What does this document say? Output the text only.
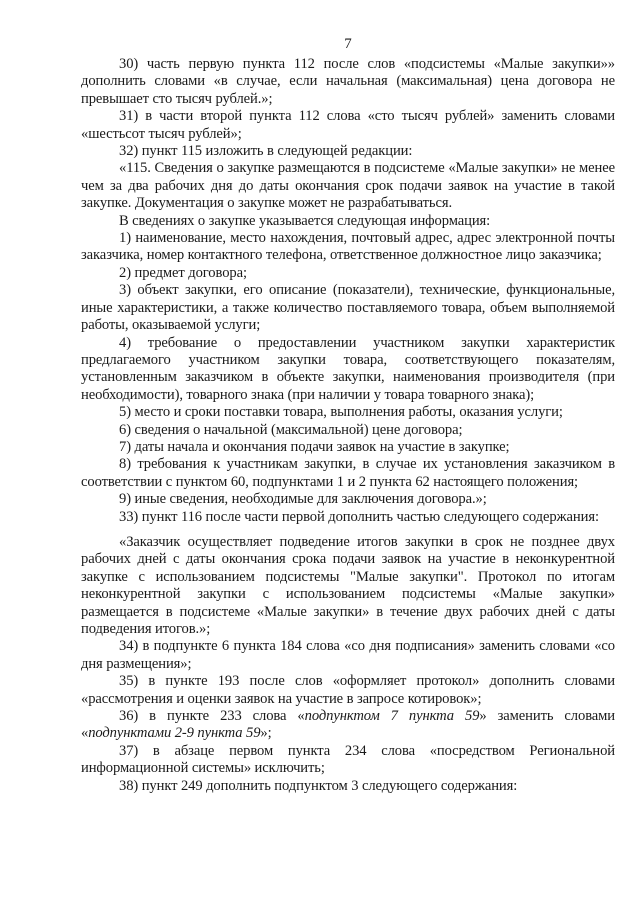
7

30) часть первую пункта 112 после слов «подсистемы «Малые закупки»» дополнить словами «в случае, если начальная (максимальная) цена договора не превышает сто тысяч рублей.»;

31) в части второй пункта 112 слова «сто тысяч рублей» заменить словами «шестьсот тысяч рублей»;

32) пункт 115 изложить в следующей редакции:

«115. Сведения о закупке размещаются в подсистеме «Малые закупки» не менее чем за два рабочих дня до даты окончания срок подачи заявок на участие в такой закупке. Документация о закупке может не разрабатываться.

В сведениях о закупке указывается следующая информация:

1) наименование, место нахождения, почтовый адрес, адрес электронной почты заказчика, номер контактного телефона, ответственное должностное лицо заказчика;

2) предмет договора;

3) объект закупки, его описание (показатели), технические, функциональные, иные характеристики, а также количество поставляемого товара, объем выполняемой работы, оказываемой услуги;

4) требование о предоставлении участником закупки характеристик предлагаемого участником закупки товара, соответствующего показателям, установленным заказчиком в объекте закупки, наименования производителя (при необходимости), товарного знака (при наличии у товара товарного знака);

5) место и сроки поставки товара, выполнения работы, оказания услуги;

6) сведения о начальной (максимальной) цене договора;

7) даты начала и окончания подачи заявок на участие в закупке;

8) требования к участникам закупки, в случае их установления заказчиком в соответствии с пунктом 60, подпунктами 1 и 2 пункта 62 настоящего положения;

9) иные сведения, необходимые для заключения договора.»;

33) пункт 116 после части первой дополнить частью следующего содержания:

«Заказчик осуществляет подведение итогов закупки в срок не позднее двух рабочих дней с даты окончания срока подачи заявок на участие в неконкурентной закупке с использованием подсистемы "Малые закупки". Протокол по итогам неконкурентной закупки с использованием подсистемы «Малые закупки» размещается в подсистеме «Малые закупки» в течение двух рабочих дней с даты подведения итогов.»;

34) в подпункте 6 пункта 184 слова «со дня подписания» заменить словами «со дня размещения»;

35) в пункте 193 после слов «оформляет протокол» дополнить словами «рассмотрения и оценки заявок на участие в запросе котировок»;

36) в пункте 233 слова «подпунктом 7 пункта 59» заменить словами «подпунктами 2-9 пункта 59»;

37) в абзаце первом пункта 234 слова «посредством Региональной информационной системы» исключить;

38) пункт 249 дополнить подпунктом 3 следующего содержания:
